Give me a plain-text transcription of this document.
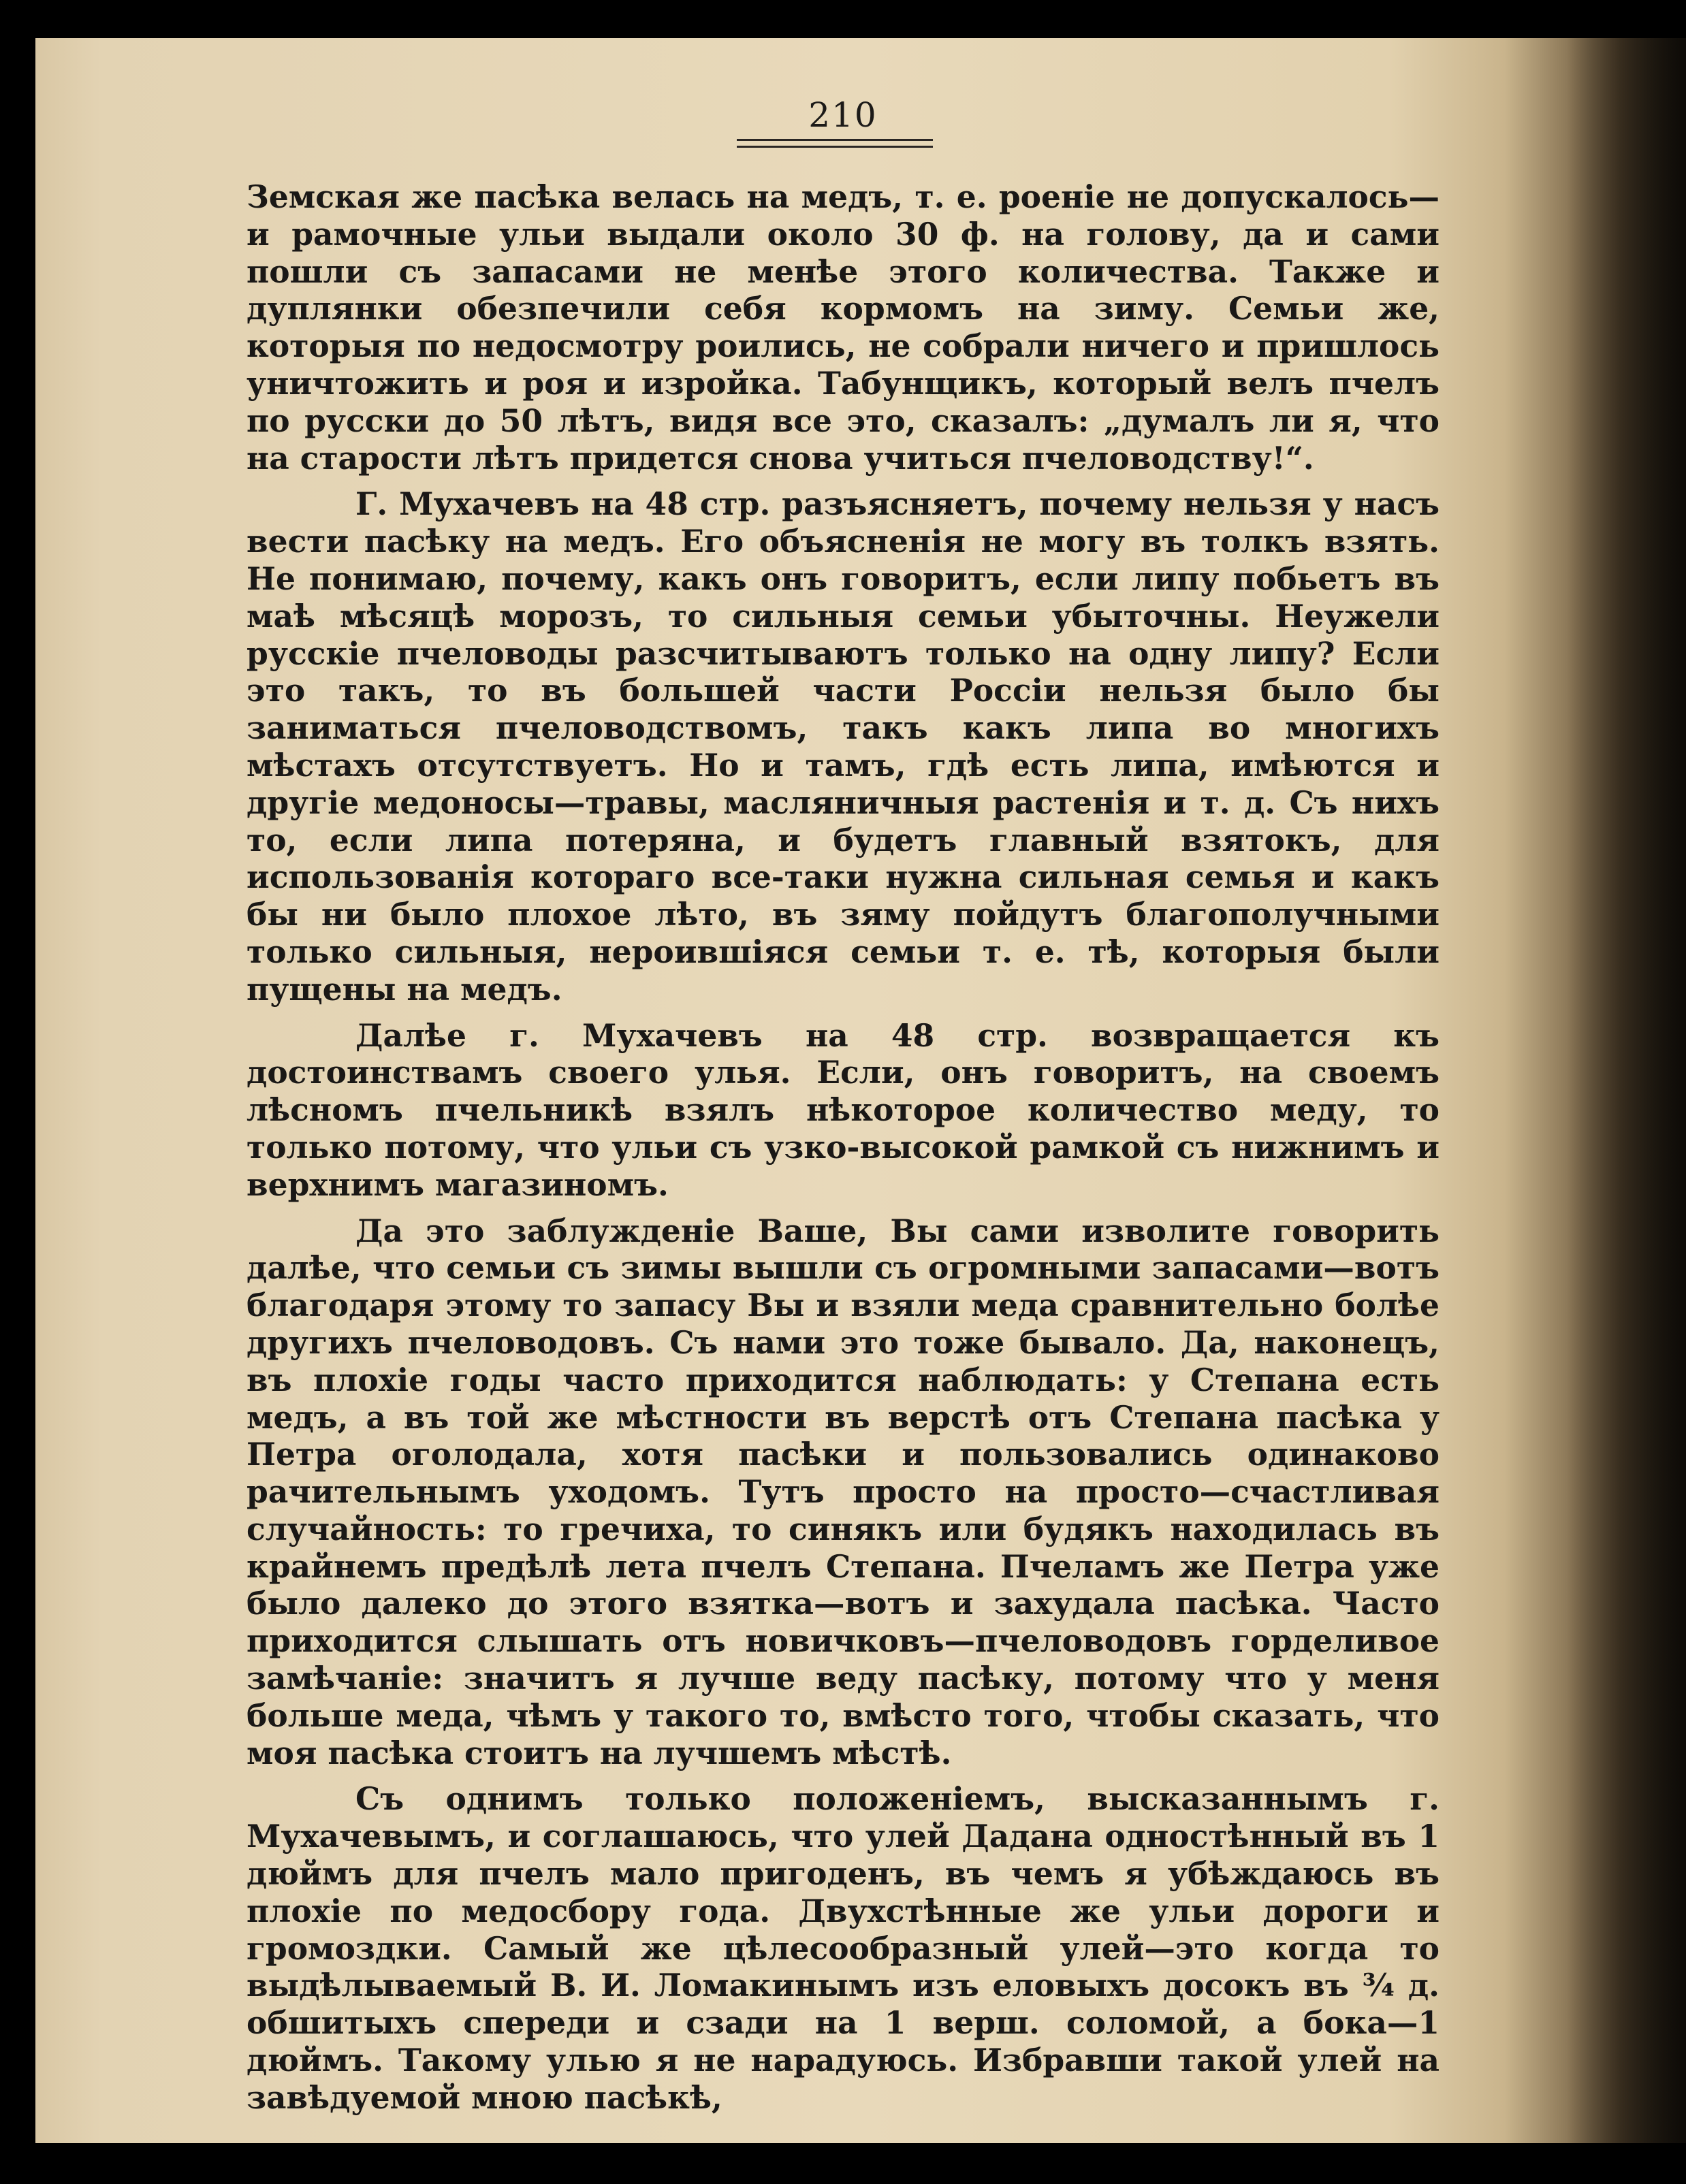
210

Земская же пасѣка велась на медъ, т. е. роеніе не допускалось—и рамочные ульи выдали около 30 ф. на голову, да и сами пошли съ запасами не менѣе этого количества. Также и дуплянки обезпечили себя кормомъ на зиму. Семьи же, которыя по недосмотру роились, не собрали ничего и пришлось уничтожить и роя и изройка. Табунщикъ, который велъ пчелъ по русски до 50 лѣтъ, видя все это, сказалъ: „думалъ ли я, что на старости лѣтъ придется снова учиться пчеловодству!“.

Г. Мухачевъ на 48 стр. разъясняетъ, почему нельзя у насъ вести пасѣку на медъ. Его объясненія не могу въ толкъ взять. Не понимаю, почему, какъ онъ говоритъ, если липу побьетъ въ маѣ мѣсяцѣ морозъ, то сильныя семьи убыточны. Неужели русскіе пчеловоды разсчитываютъ только на одну липу? Если это такъ, то въ большей части Россіи нельзя было бы заниматься пчеловодствомъ, такъ какъ липа во многихъ мѣстахъ отсутствуетъ. Но и тамъ, гдѣ есть липа, имѣются и другіе медоносы—травы, масляничныя растенія и т. д. Съ нихъ то, если липа потеряна, и будетъ главный взятокъ, для использованія котораго все-таки нужна сильная семья и какъ бы ни было плохое лѣто, въ зяму пойдутъ благополучными только сильныя, нероившіяся семьи т. е. тѣ, которыя были пущены на медъ.

Далѣе г. Мухачевъ на 48 стр. возвращается къ достоинствамъ своего улья. Если, онъ говоритъ, на своемъ лѣсномъ пчельникѣ взялъ нѣкоторое количество меду, то только потому, что ульи съ узко-высокой рамкой съ нижнимъ и верхнимъ магазиномъ.

Да это заблужденіе Ваше, Вы сами изволите говорить далѣе, что семьи съ зимы вышли съ огромными запасами—вотъ благодаря этому то запасу Вы и взяли меда сравнительно болѣе другихъ пчеловодовъ. Съ нами это тоже бывало. Да, наконецъ, въ плохіе годы часто приходится наблюдать: у Степана есть медъ, а въ той же мѣстности въ верстѣ отъ Степана пасѣка у Петра оголодала, хотя пасѣки и пользовались одинаково рачительнымъ уходомъ. Тутъ просто на просто—счастливая случайность: то гречиха, то синякъ или будякъ находилась въ крайнемъ предѣлѣ лета пчелъ Степана. Пчеламъ же Петра уже было далеко до этого взятка—вотъ и захудала пасѣка. Часто приходится слышать отъ новичковъ—пчеловодовъ горделивое замѣчаніе: значитъ я лучше веду пасѣку, потому что у меня больше меда, чѣмъ у такого то, вмѣсто того, чтобы сказать, что моя пасѣка стоитъ на лучшемъ мѣстѣ.

Съ однимъ только положеніемъ, высказаннымъ г. Мухачевымъ, и соглашаюсь, что улей Дадана одностѣнный въ 1 дюймъ для пчелъ мало пригоденъ, въ чемъ я убѣждаюсь въ плохіе по медосбору года. Двухстѣнные же ульи дороги и громоздки. Самый же цѣлесообразный улей—это когда то выдѣлываемый В. И. Ломакинымъ изъ еловыхъ досокъ въ ¾ д. обшитыхъ спереди и сзади на 1 верш. соломой, а бока—1 дюймъ. Такому улью я не нарадуюсь. Избравши такой улей на завѣдуемой мною пасѣкѣ,
